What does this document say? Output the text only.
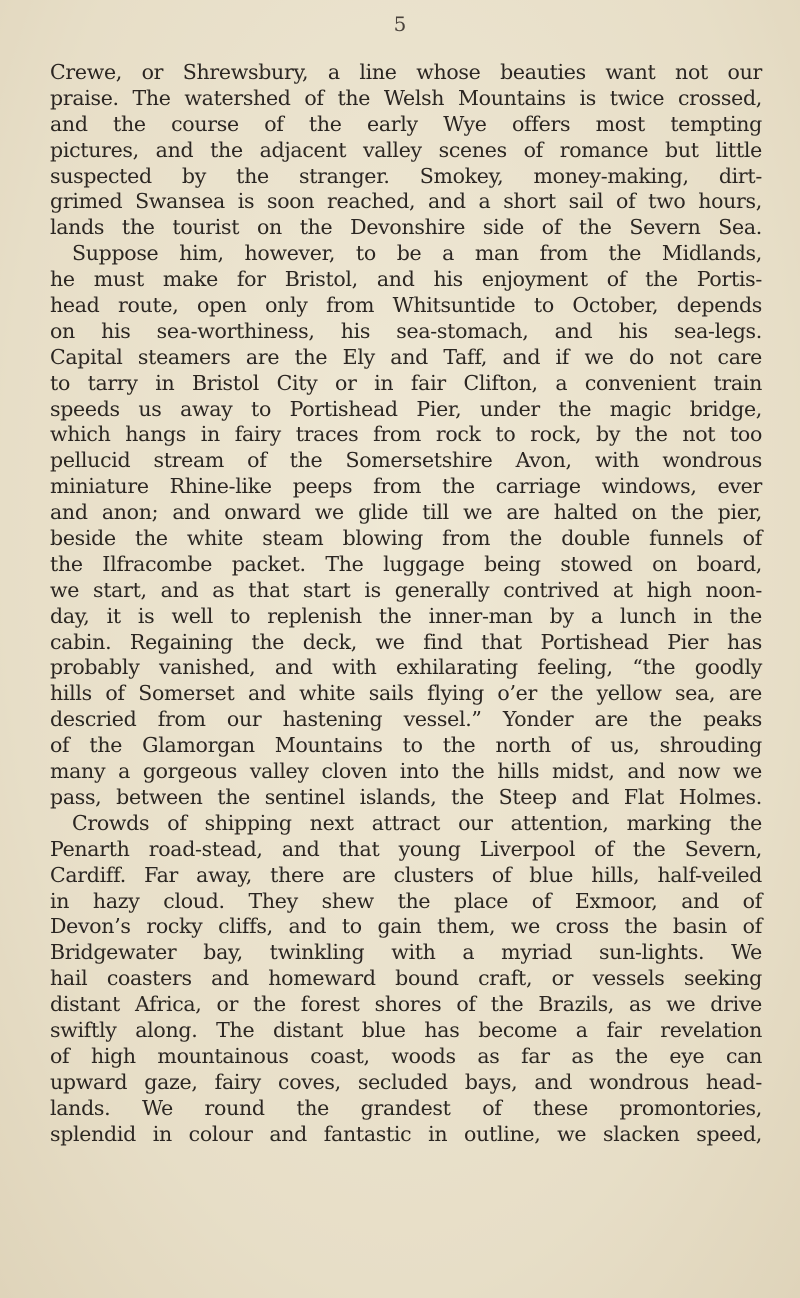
5
Crewe, or Shrewsbury, a line whose beauties want not our
praise. The watershed of the Welsh Mountains is twice crossed,
and the course of the early Wye offers most tempting
pictures, and the adjacent valley scenes of romance but little
suspected by the stranger. Smokey, money-making, dirt-
grimed Swansea is soon reached, and a short sail of two hours,
lands the tourist on the Devonshire side of the Severn Sea.
Suppose him, however, to be a man from the Midlands,
he must make for Bristol, and his enjoyment of the Portis-
head route, open only from Whitsuntide to October, depends
on his sea-worthiness, his sea-stomach, and his sea-legs.
Capital steamers are the Ely and Taff, and if we do not care
to tarry in Bristol City or in fair Clifton, a convenient train
speeds us away to Portishead Pier, under the magic bridge,
which hangs in fairy traces from rock to rock, by the not too
pellucid stream of the Somersetshire Avon, with wondrous
miniature Rhine-like peeps from the carriage windows, ever
and anon; and onward we glide till we are halted on the pier,
beside the white steam blowing from the double funnels of
the Ilfracombe packet. The luggage being stowed on board,
we start, and as that start is generally contrived at high noon-
day, it is well to replenish the inner-man by a lunch in the
cabin. Regaining the deck, we find that Portishead Pier has
probably vanished, and with exhilarating feeling, “the goodly
hills of Somerset and white sails flying o’er the yellow sea, are
descried from our hastening vessel.” Yonder are the peaks
of the Glamorgan Mountains to the north of us, shrouding
many a gorgeous valley cloven into the hills midst, and now we
pass, between the sentinel islands, the Steep and Flat Holmes.
Crowds of shipping next attract our attention, marking the
Penarth road-stead, and that young Liverpool of the Severn,
Cardiff. Far away, there are clusters of blue hills, half-veiled
in hazy cloud. They shew the place of Exmoor, and of
Devon’s rocky cliffs, and to gain them, we cross the basin of
Bridgewater bay, twinkling with a myriad sun-lights. We
hail coasters and homeward bound craft, or vessels seeking
distant Africa, or the forest shores of the Brazils, as we drive
swiftly along. The distant blue has become a fair revelation
of high mountainous coast, woods as far as the eye can
upward gaze, fairy coves, secluded bays, and wondrous head-
lands. We round the grandest of these promontories,
splendid in colour and fantastic in outline, we slacken speed,
